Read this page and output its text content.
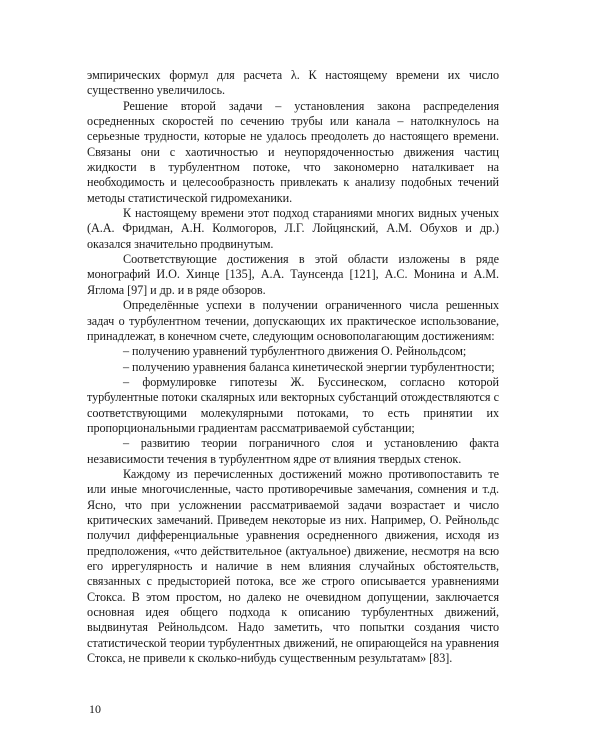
эмпирических формул для расчета λ. К настоящему времени их число существенно увеличилось.

Решение второй задачи – установления закона распределения осредненных скоростей по сечению трубы или канала – натолкнулось на серьезные трудности, которые не удалось преодолеть до настоящего времени. Связаны они с хаотичностью и неупорядоченностью движения частиц жидкости в турбулентном потоке, что закономерно наталкивает на необходимость и целесообразность привлекать к анализу подобных течений методы статистической гидромеханики.

К настоящему времени этот подход стараниями многих видных ученых (А.А. Фридман, А.Н. Колмогоров, Л.Г. Лойцянский, А.М. Обухов и др.) оказался значительно продвинутым.

Соответствующие достижения в этой области изложены в ряде монографий И.О. Хинце [135], А.А. Таунсенда [121], А.С. Монина и А.М. Яглома [97] и др. и в ряде обзоров.

Определённые успехи в получении ограниченного числа решенных задач о турбулентном течении, допускающих их практическое использование, принадлежат, в конечном счете, следующим основополагающим достижениям:

– получению уравнений турбулентного движения О. Рейнольдсом;

– получению уравнения баланса кинетической энергии турбулентности;

– формулировке гипотезы Ж. Буссинеском, согласно которой турбулентные потоки скалярных или векторных субстанций отождествляются с соответствующими молекулярными потоками, то есть принятии их пропорциональными градиентам рассматриваемой субстанции;

– развитию теории пограничного слоя и установлению факта независимости течения в турбулентном ядре от влияния твердых стенок.

Каждому из перечисленных достижений можно противопоставить те или иные многочисленные, часто противоречивые замечания, сомнения и т.д. Ясно, что при усложнении рассматриваемой задачи возрастает и число критических замечаний. Приведем некоторые из них. Например, О. Рейнольдс получил дифференциальные уравнения осредненного движения, исходя из предположения, «что действительное (актуальное) движение, несмотря на всю его иррегулярность и наличие в нем влияния случайных обстоятельств, связанных с предысторией потока, все же строго описывается уравнениями Стокса. В этом простом, но далеко не очевидном допущении, заключается основная идея общего подхода к описанию турбулентных движений, выдвинутая Рейнольдсом. Надо заметить, что попытки создания чисто статистической теории турбулентных движений, не опирающейся на уравнения Стокса, не привели к сколько-нибудь существенным результатам» [83].

10
